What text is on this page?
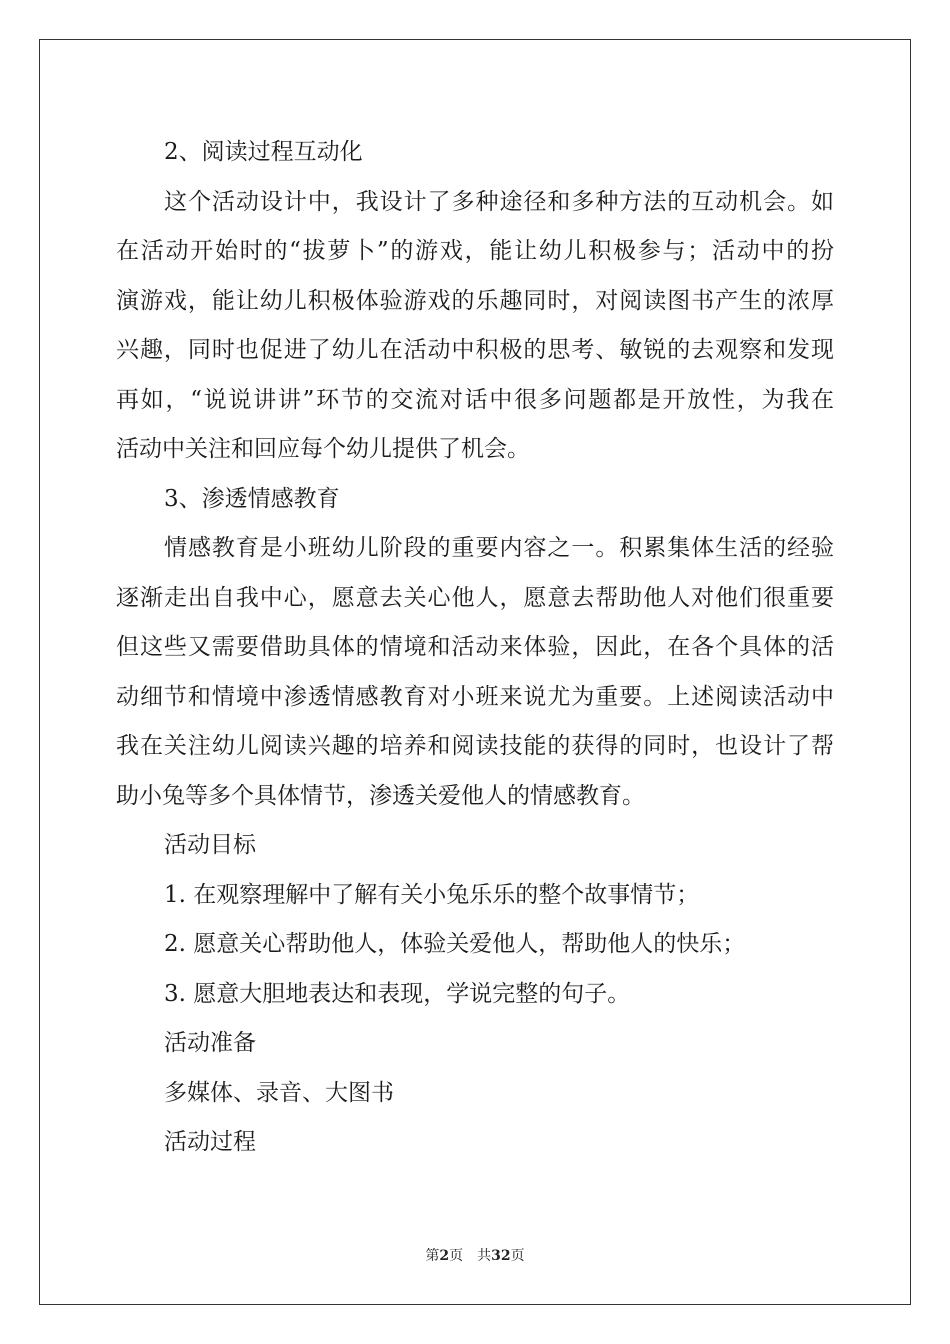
2、阅读过程互动化
这个活动设计中，我设计了多种途径和多种方法的互动机会。如
在活动开始时的“拔萝卜”的游戏，能让幼儿积极参与；活动中的扮
演游戏，能让幼儿积极体验游戏的乐趣同时，对阅读图书产生的浓厚
兴趣，同时也促进了幼儿在活动中积极的思考、敏锐的去观察和发现
再如，“说说讲讲”环节的交流对话中很多问题都是开放性，为我在
活动中关注和回应每个幼儿提供了机会。
3、渗透情感教育
情感教育是小班幼儿阶段的重要内容之一。积累集体生活的经验
逐渐走出自我中心，愿意去关心他人，愿意去帮助他人对他们很重要
但这些又需要借助具体的情境和活动来体验，因此，在各个具体的活
动细节和情境中渗透情感教育对小班来说尤为重要。上述阅读活动中
我在关注幼儿阅读兴趣的培养和阅读技能的获得的同时，也设计了帮
助小兔等多个具体情节，渗透关爱他人的情感教育。
活动目标
1. 在观察理解中了解有关小兔乐乐的整个故事情节；
2. 愿意关心帮助他人，体验关爱他人，帮助他人的快乐；
3. 愿意大胆地表达和表现，学说完整的句子。
活动准备
多媒体、录音、大图书
活动过程
第2页 共32页
